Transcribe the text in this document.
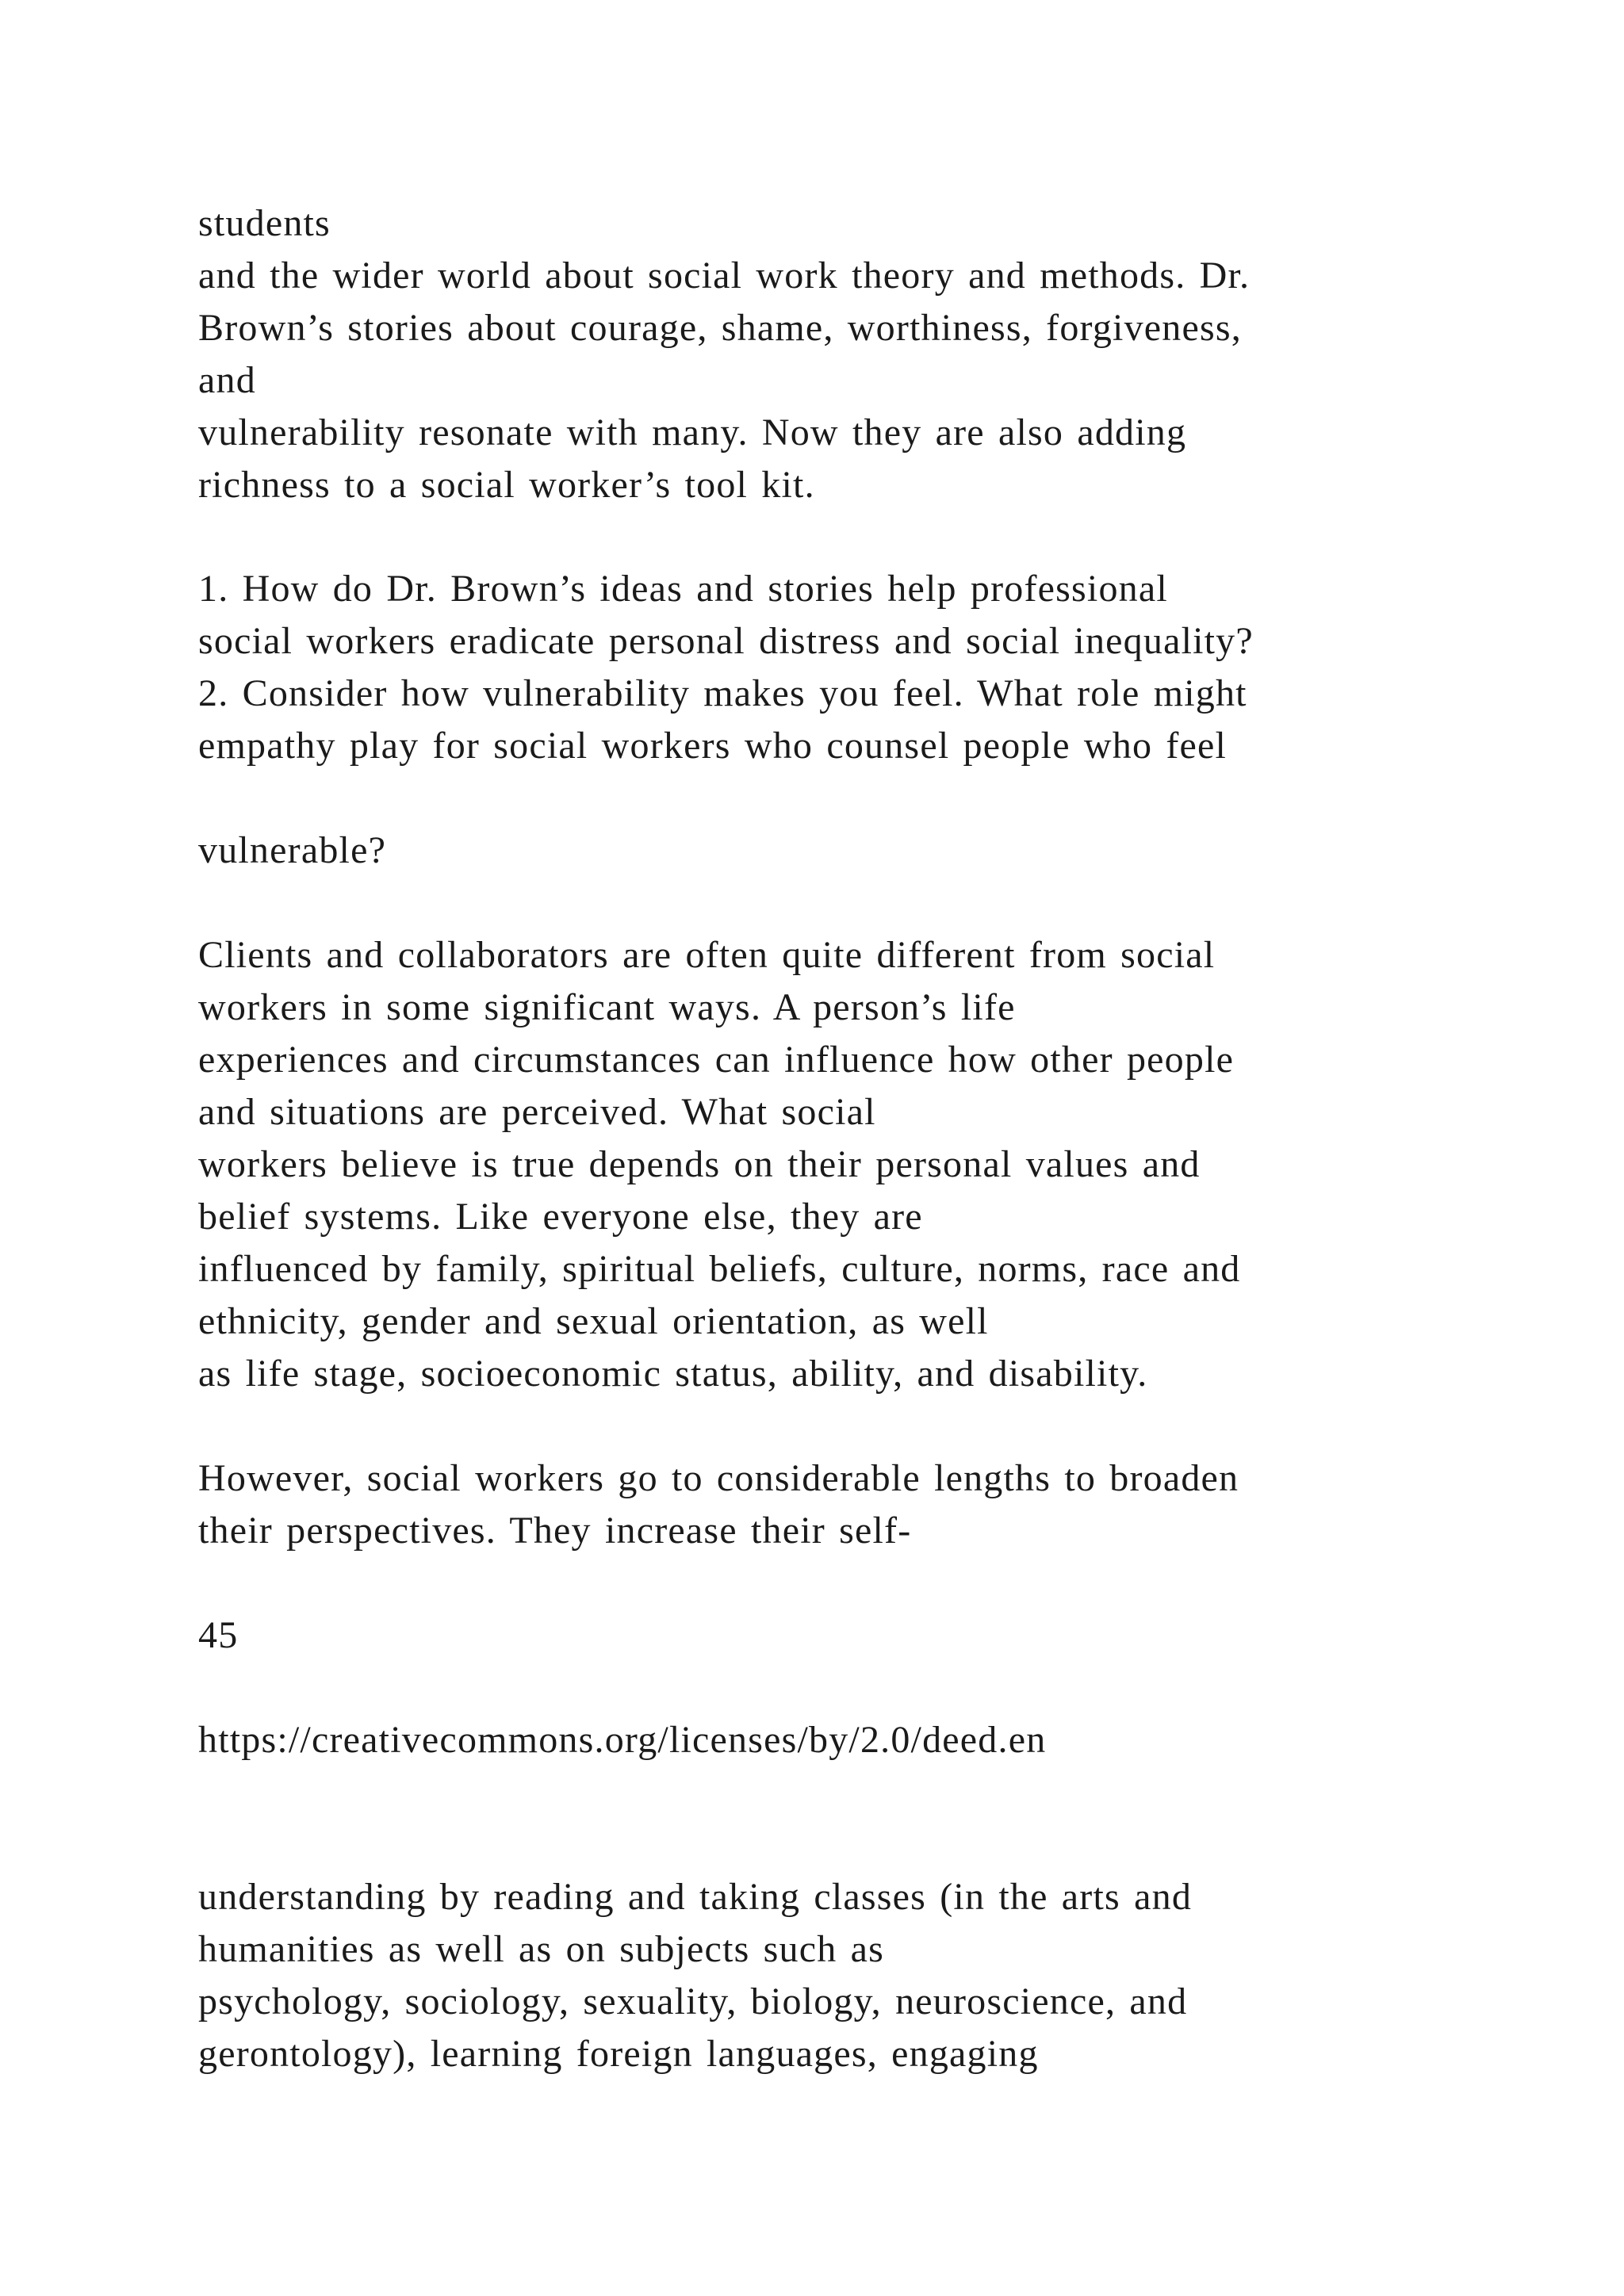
students
and the wider world about social work theory and methods. Dr.
Brown’s stories about courage, shame, worthiness, forgiveness,
and
vulnerability resonate with many. Now they are also adding
richness to a social worker’s tool kit.
1. How do Dr. Brown’s ideas and stories help professional
social workers eradicate personal distress and social inequality?
2. Consider how vulnerability makes you feel. What role might
empathy play for social workers who counsel people who feel
vulnerable?
Clients and collaborators are often quite different from social
workers in some significant ways. A person’s life
experiences and circumstances can influence how other people
and situations are perceived. What social
workers believe is true depends on their personal values and
belief systems. Like everyone else, they are
influenced by family, spiritual beliefs, culture, norms, race and
ethnicity, gender and sexual orientation, as well
as life stage, socioeconomic status, ability, and disability.
However, social workers go to considerable lengths to broaden
their perspectives. They increase their self-
45
https://creativecommons.org/licenses/by/2.0/deed.en
understanding by reading and taking classes (in the arts and
humanities as well as on subjects such as
psychology, sociology, sexuality, biology, neuroscience, and
gerontology), learning foreign languages, engaging
